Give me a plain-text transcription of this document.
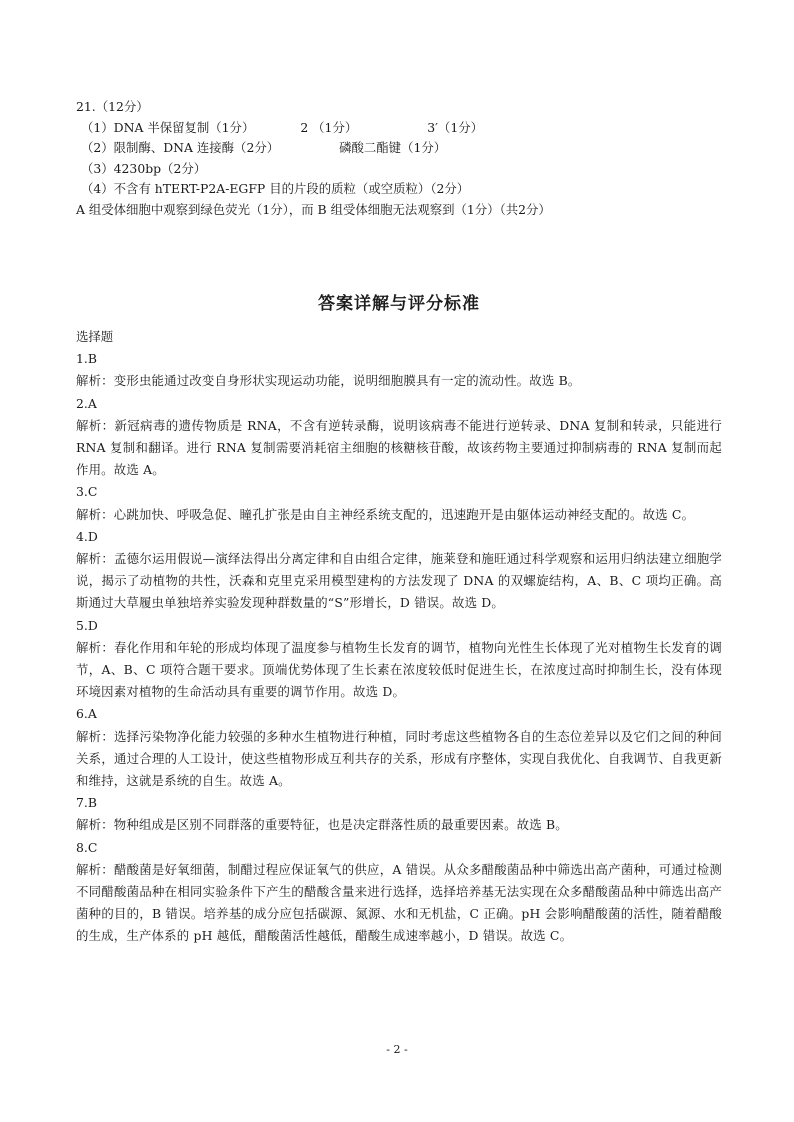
21.（12分）
（1）DNA 半保留复制（1分）	2 （1分）	3′（1分）
（2）限制酶、DNA 连接酶（2分）	磷酸二酯键（1分）
（3）4230bp（2分）
（4）不含有 hTERT-P2A-EGFP 目的片段的质粒（或空质粒）（2分）
A 组受体细胞中观察到绿色荧光（1分），而 B 组受体细胞无法观察到（1分）（共2分）
答案详解与评分标准
选择题
1.B
解析：变形虫能通过改变自身形状实现运动功能，说明细胞膜具有一定的流动性。故选 B。
2.A
解析：新冠病毒的遗传物质是 RNA，不含有逆转录酶，说明该病毒不能进行逆转录、DNA 复制和转录，只能进行 RNA 复制和翻译。进行 RNA 复制需要消耗宿主细胞的核糖核苷酸，故该药物主要通过抑制病毒的 RNA 复制而起作用。故选 A。
3.C
解析：心跳加快、呼吸急促、瞳孔扩张是由自主神经系统支配的，迅速跑开是由躯体运动神经支配的。故选 C。
4.D
解析：孟德尔运用假说—演绎法得出分离定律和自由组合定律，施莱登和施旺通过科学观察和运用归纳法建立细胞学说，揭示了动植物的共性，沃森和克里克采用模型建构的方法发现了 DNA 的双螺旋结构，A、B、C 项均正确。高斯通过大草履虫单独培养实验发现种群数量的“S”形增长，D 错误。故选 D。
5.D
解析：春化作用和年轮的形成均体现了温度参与植物生长发育的调节，植物向光性生长体现了光对植物生长发育的调节，A、B、C 项符合题干要求。顶端优势体现了生长素在浓度较低时促进生长，在浓度过高时抑制生长，没有体现环境因素对植物的生命活动具有重要的调节作用。故选 D。
6.A
解析：选择污染物净化能力较强的多种水生植物进行种植，同时考虑这些植物各自的生态位差异以及它们之间的种间关系，通过合理的人工设计，使这些植物形成互利共存的关系，形成有序整体，实现自我优化、自我调节、自我更新和维持，这就是系统的自生。故选 A。
7.B
解析：物种组成是区别不同群落的重要特征，也是决定群落性质的最重要因素。故选 B。
8.C
解析：醋酸菌是好氧细菌，制醋过程应保证氧气的供应，A 错误。从众多醋酸菌品种中筛选出高产菌种，可通过检测不同醋酸菌品种在相同实验条件下产生的醋酸含量来进行选择，选择培养基无法实现在众多醋酸菌品种中筛选出高产菌种的目的，B 错误。培养基的成分应包括碳源、氮源、水和无机盐，C 正确。pH 会影响醋酸菌的活性，随着醋酸的生成，生产体系的 pH 越低，醋酸菌活性越低，醋酸生成速率越小，D 错误。故选 C。
- 2 -
